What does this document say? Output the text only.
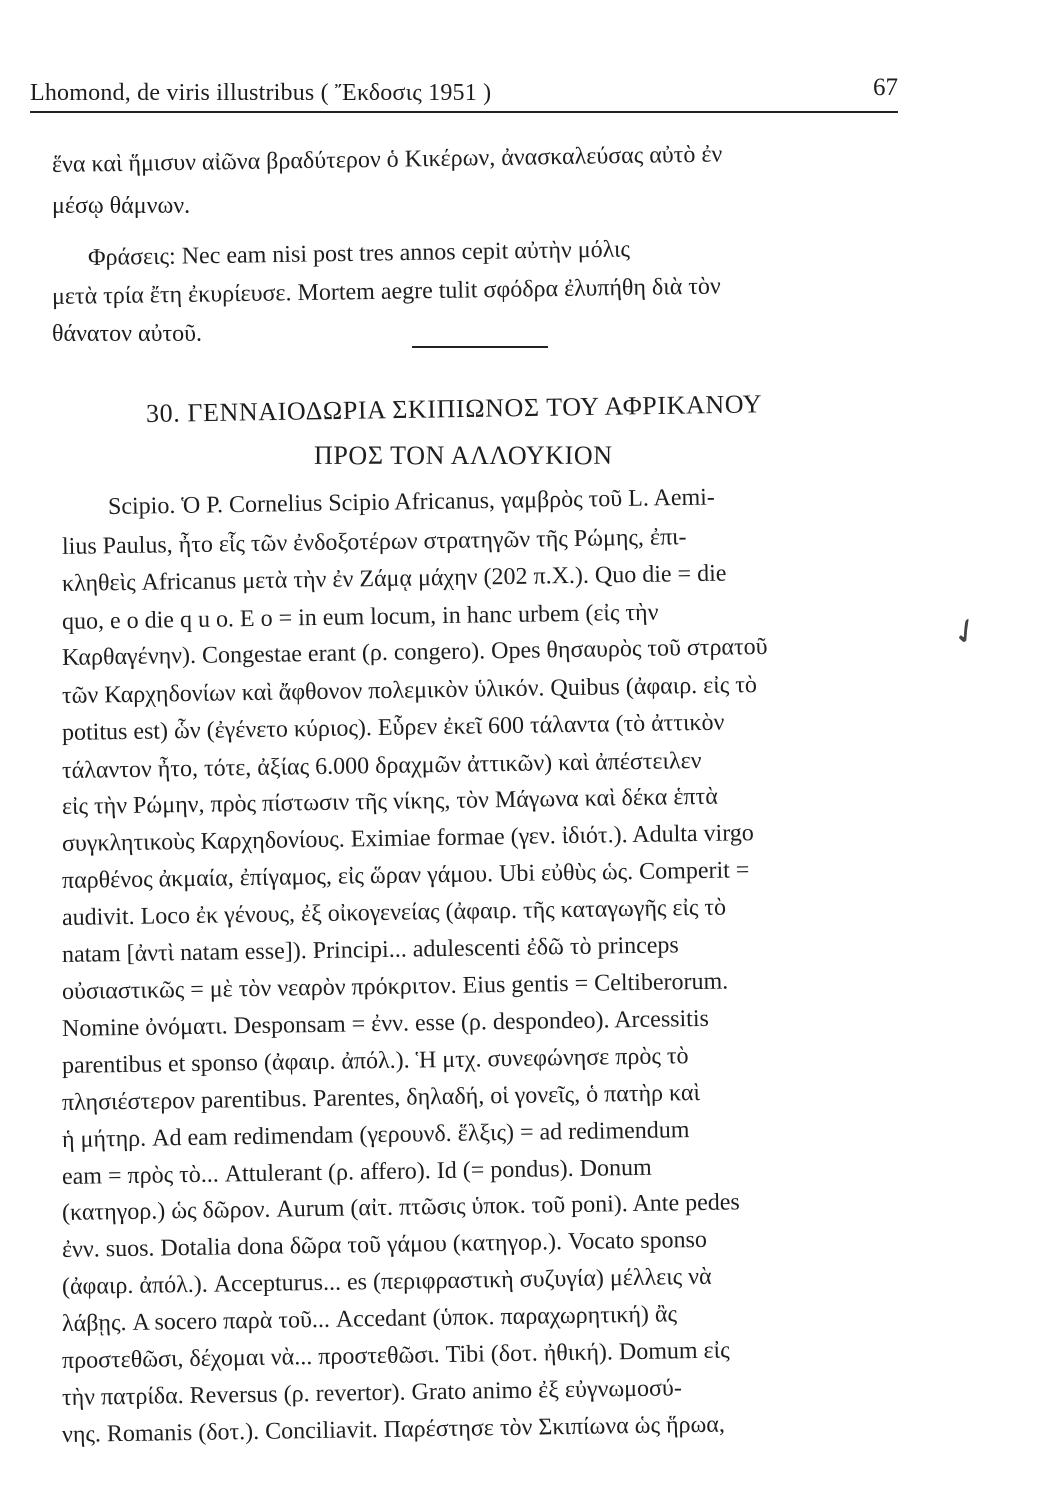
Lhomond, de viris illustribus ( Ἔκδοσις 1951 )	67
ἕνα καὶ ἥμισυν αἰῶνα βραδύτερον ὁ Κικέρων, ἀνασκαλεύσας αὐτὸ ἐν
μέσῳ θάμνων.
Φράσεις: Nec eam nisi post tres annos cepit αὐτὴν μόλις
μετὰ τρία ἔτη ἐκυρίευσε. Mortem aegre tulit σφόδρα ἐλυπήθη διὰ τὸν
θάνατον αὐτοῦ.
30. ΓΕΝΝΑΙΟΔΩΡΙΑ ΣΚΙΠΙΩΝΟΣ ΤΟΥ ΑΦΡΙΚΑΝΟΥ
ΠΡΟΣ ΤΟΝ ΑΛΛΟΥΚΙΟΝ
Scipio. Ὁ P. Cornelius Scipio Africanus, γαμβρὸς τοῦ L. Aemi-
lius Paulus, ἦτο εἷς τῶν ἐνδοξοτέρων στρατηγῶν τῆς Ρώμης, ἐπι-
κληθεὶς Africanus μετὰ τὴν ἐν Ζάμᾳ μάχην (202 π.Χ.). Quo die = die
quo, e o die q u o. E o = in eum locum, in hanc urbem (εἰς τὴν
Καρθαγένην). Congestae erant (ρ. congero). Opes θησαυρὸς τοῦ στρατοῦ
τῶν Καρχηδονίων καὶ ἄφθονον πολεμικὸν ὑλικόν. Quibus (ἀφαιρ. εἰς τὸ
potitus est) ὧν (ἐγένετο κύριος). Εὗρεν ἐκεῖ 600 τάλαντα (τὸ ἀττικὸν
τάλαντον ἦτο, τότε, ἀξίας 6.000 δραχμῶν ἀττικῶν) καὶ ἀπέστειλεν
εἰς τὴν Ρώμην, πρὸς πίστωσιν τῆς νίκης, τὸν Μάγωνα καὶ δέκα ἑπτὰ
συγκλητικοὺς Καρχηδονίους. Eximiae formae (γεν. ἰδιότ.). Adulta virgo
παρθένος ἀκμαία, ἐπίγαμος, εἰς ὥραν γάμου. Ubi εὐθὺς ὡς. Comperit =
audivit. Loco ἐκ γένους, ἐξ οἰκογενείας (ἀφαιρ. τῆς καταγωγῆς εἰς τὸ
natam [ἀντὶ natam esse]). Principi... adulescenti ἐδῶ τὸ princeps
οὐσιαστικῶς = μὲ τὸν νεαρὸν πρόκριτον. Eius gentis = Celtiberorum.
Nomine ὀνόματι. Desponsam = ἐνν. esse (ρ. despondeo). Arcessitis
parentibus et sponso (ἀφαιρ. ἀπόλ.). Ἡ μτχ. συνεφώνησε πρὸς τὸ
πλησιέστερον parentibus. Parentes, δηλαδή, οἱ γονεῖς, ὁ πατὴρ καὶ
ἡ μήτηρ. Ad eam redimendam (γερουνδ. ἕλξις) = ad redimendum
eam = πρὸς τὸ... Attulerant (ρ. affero). Id (= pondus). Donum
(κατηγορ.) ὡς δῶρον. Aurum (αἰτ. πτῶσις ὑποκ. τοῦ poni). Ante pedes
ἐνν. suos. Dotalia dona δῶρα τοῦ γάμου (κατηγορ.). Vocato sponso
(ἀφαιρ. ἀπόλ.). Accepturus... es (περιφραστικὴ συζυγία) μέλλεις νὰ
λάβῃς. A socero παρὰ τοῦ... Accedant (ὑποκ. παραχωρητική) ἂς
προστεθῶσι, δέχομαι νὰ... προστεθῶσι. Tibi (δοτ. ἠθική). Domum εἰς
τὴν πατρίδα. Reversus (ρ. revertor). Grato animo ἐξ εὐγνωμοσύ-
νης. Romanis (δοτ.). Conciliavit. Παρέστησε τὸν Σκιπίωνα ὡς ἥρωα,
✓
